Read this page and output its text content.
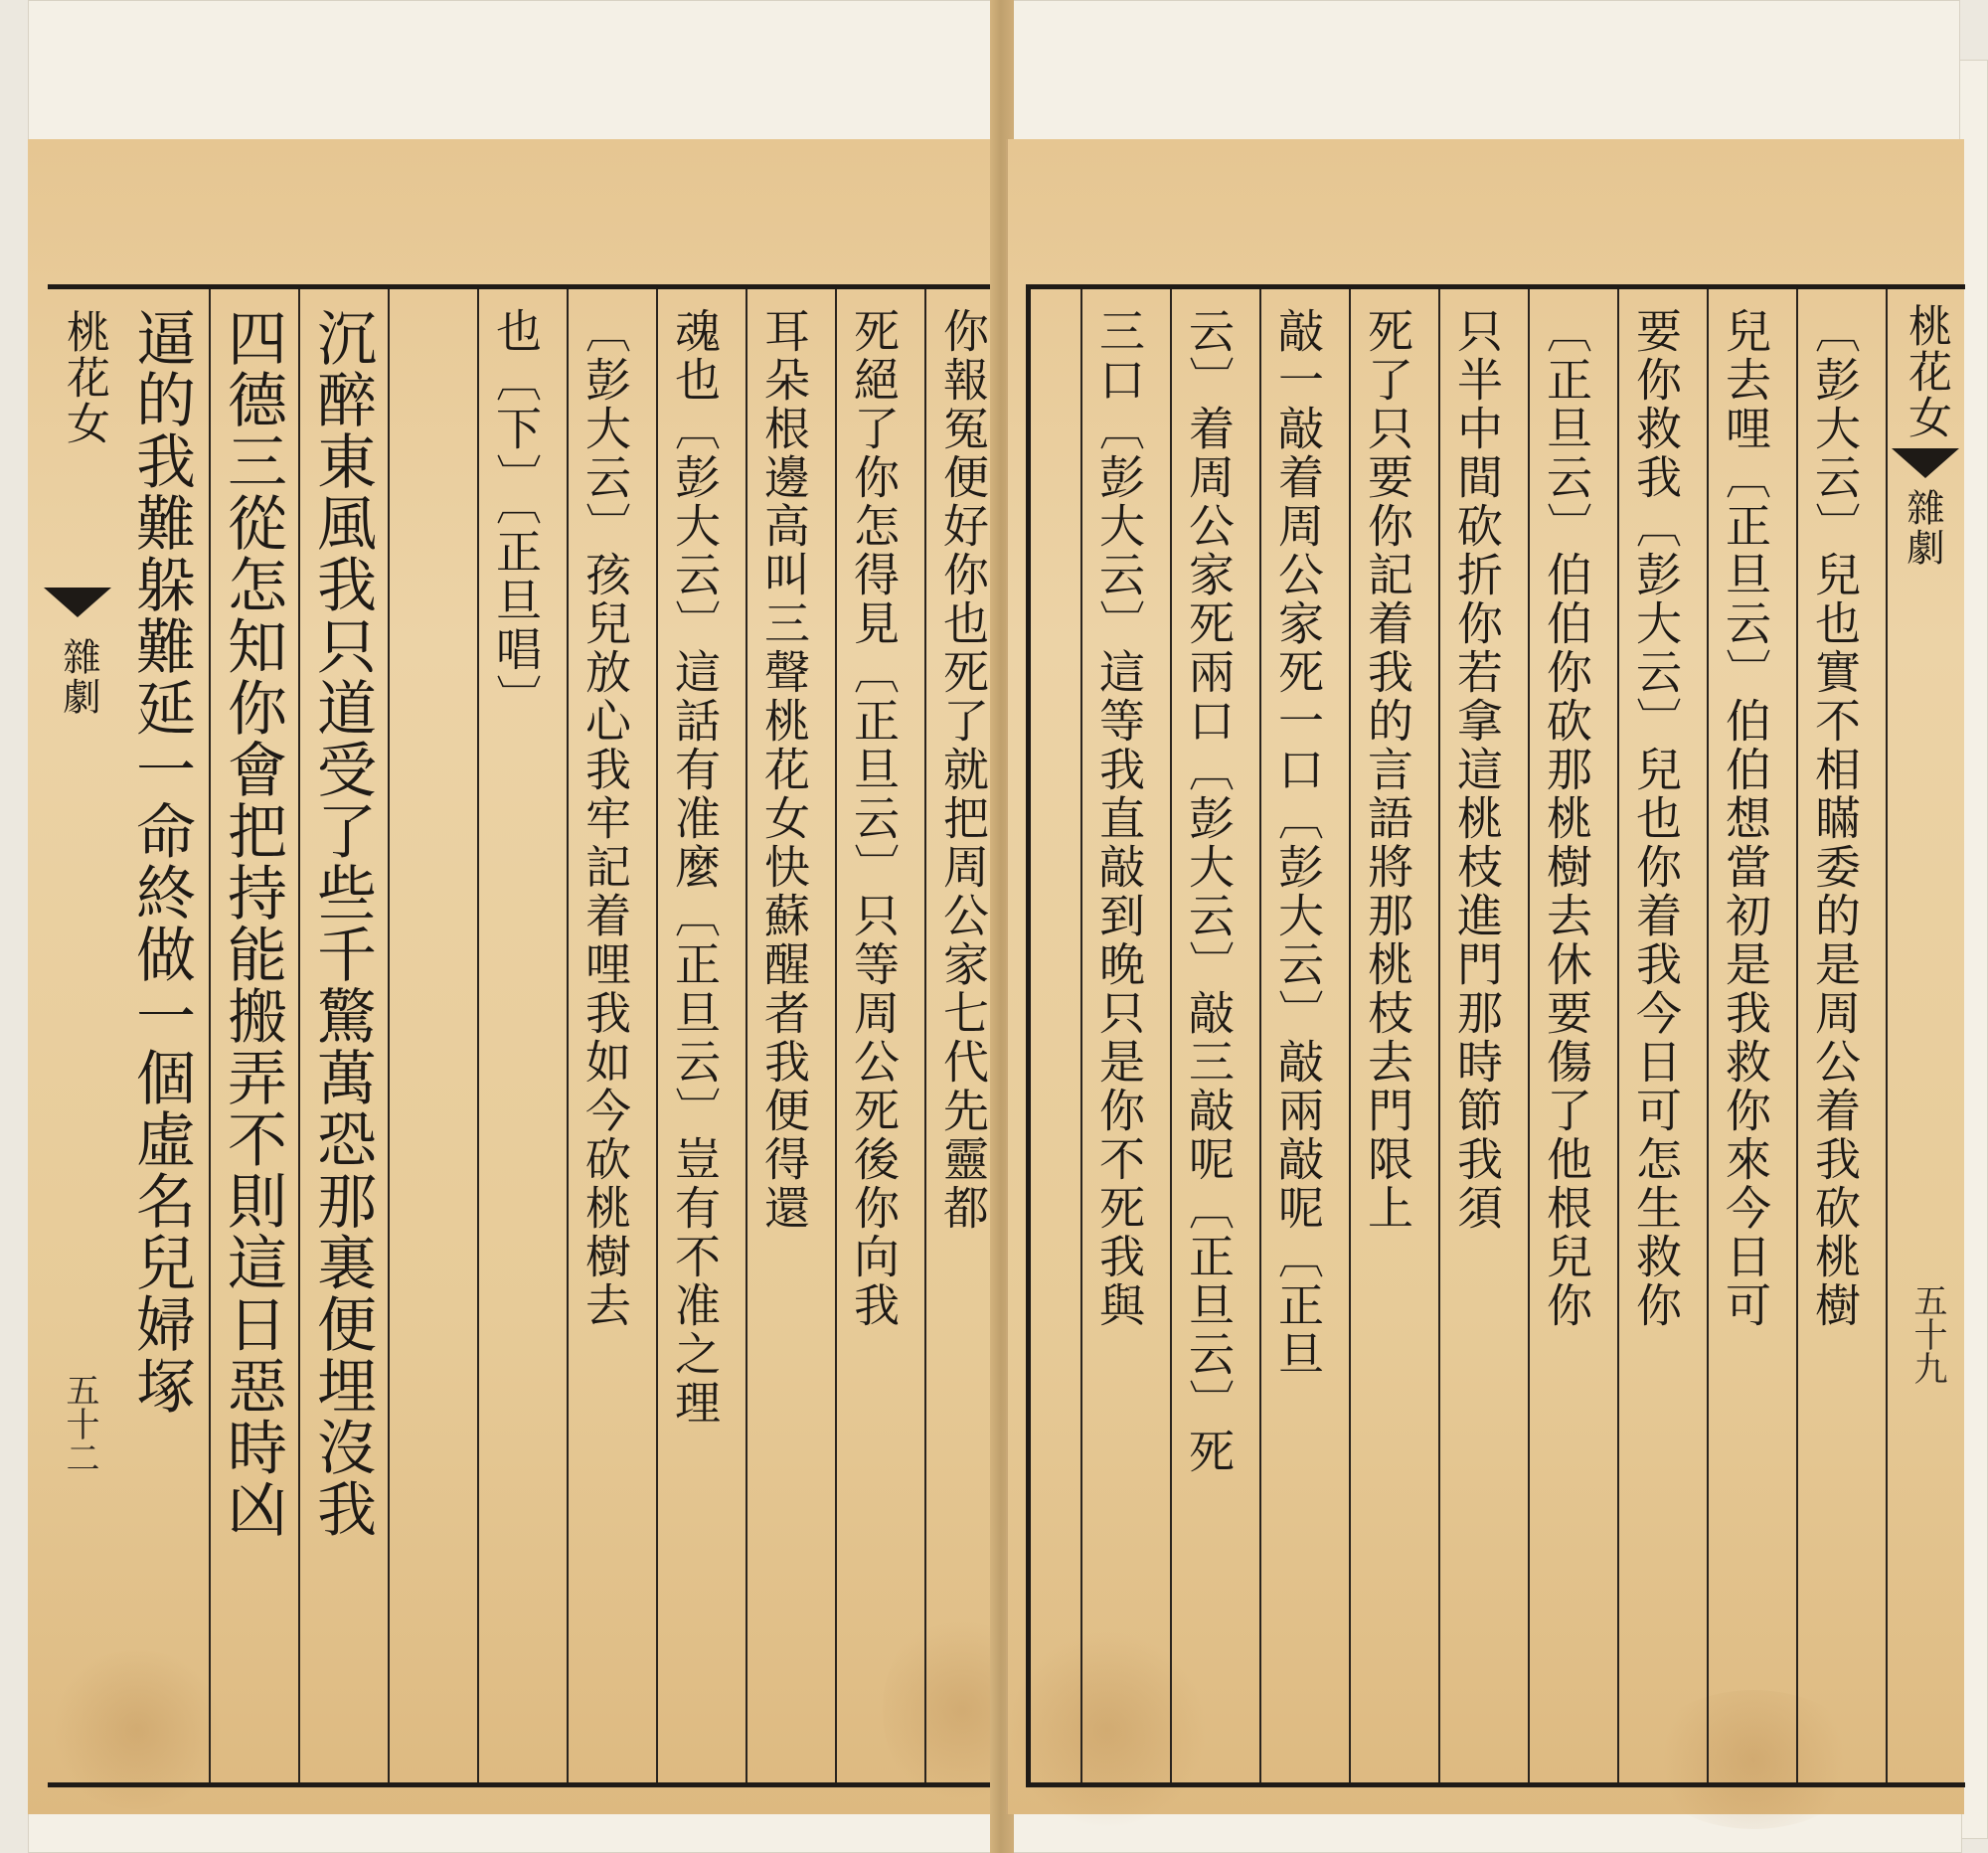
你報冤便好你也死了就把周公家七代先靈都
死絕了你怎得見〔正旦云〕只等周公死後你向我
耳朵根邊高叫三聲桃花女快蘇醒者我便得還
魂也〔彭大云〕這話有准麼〔正旦云〕豈有不准之理
〔彭大云〕孩兒放心我牢記着哩我如今砍桃樹去
也〔下〕〔正旦唱〕
沉醉東風我只道受了些千驚萬恐那裏便埋沒我
四德三從怎知你會把持能搬弄不則這日惡時凶
逼的我難躲難延一命終做一個虛名兒婦塚
桃花女
雜劇
五十二
〔彭大云〕兒也實不相瞞委的是周公着我砍桃樹
兒去哩〔正旦云〕伯伯想當初是我救你來今日可
要你救我〔彭大云〕兒也你着我今日可怎生救你
〔正旦云〕伯伯你砍那桃樹去休要傷了他根兒你
只半中間砍折你若拿這桃枝進門那時節我須
死了只要你記着我的言語將那桃枝去門限上
敲一敲着周公家死一口〔彭大云〕敲兩敲呢〔正旦
云〕着周公家死兩口〔彭大云〕敲三敲呢〔正旦云〕死
三口〔彭大云〕這等我直敲到晚只是你不死我與	桃花女
雜劇
五十九
